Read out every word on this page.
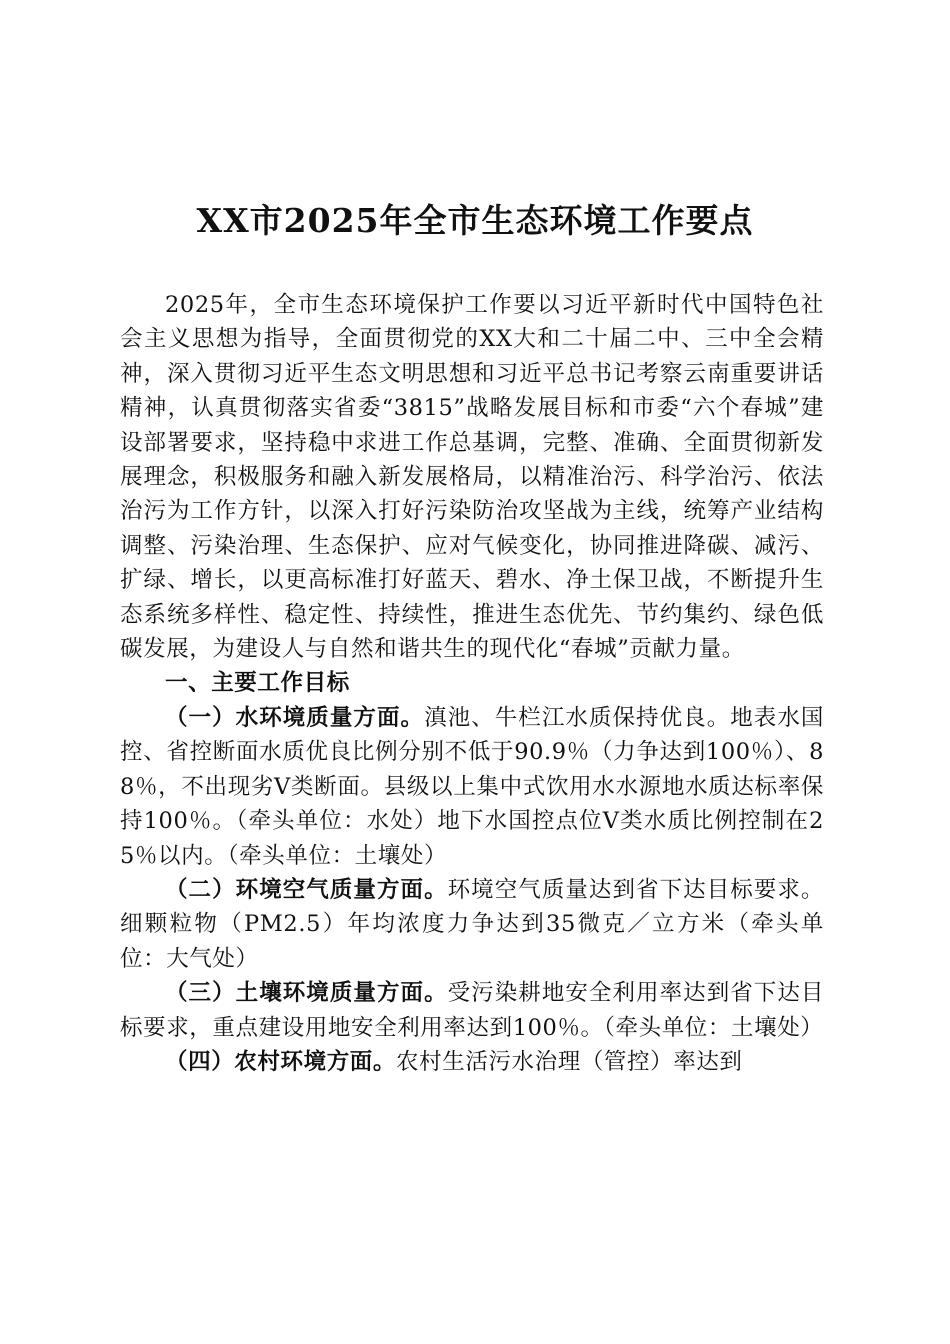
XX市2025年全市生态环境工作要点

2025年，全市生态环境保护工作要以习近平新时代中国特色社会主义思想为指导，全面贯彻党的XX大和二十届二中、三中全会精神，深入贯彻习近平生态文明思想和习近平总书记考察云南重要讲话精神，认真贯彻落实省委“3815”战略发展目标和市委“六个春城”建设部署要求，坚持稳中求进工作总基调，完整、准确、全面贯彻新发展理念，积极服务和融入新发展格局，以精准治污、科学治污、依法治污为工作方针，以深入打好污染防治攻坚战为主线，统筹产业结构调整、污染治理、生态保护、应对气候变化，协同推进降碳、减污、扩绿、增长，以更高标准打好蓝天、碧水、净土保卫战，不断提升生态系统多样性、稳定性、持续性，推进生态优先、节约集约、绿色低碳发展，为建设人与自然和谐共生的现代化“春城”贡献力量。

一、主要工作目标

（一）水环境质量方面。滇池、牛栏江水质保持优良。地表水国控、省控断面水质优良比例分别不低于90.9％（力争达到100％）、88％，不出现劣V类断面。县级以上集中式饮用水水源地水质达标率保持100％。（牵头单位：水处）地下水国控点位V类水质比例控制在25％以内。（牵头单位：土壤处）

（二）环境空气质量方面。环境空气质量达到省下达目标要求。细颗粒物（PM2.5）年均浓度力争达到35微克／立方米（牵头单位：大气处）

（三）土壤环境质量方面。受污染耕地安全利用率达到省下达目标要求，重点建设用地安全利用率达到100％。（牵头单位：土壤处）

（四）农村环境方面。农村生活污水治理（管控）率达到
